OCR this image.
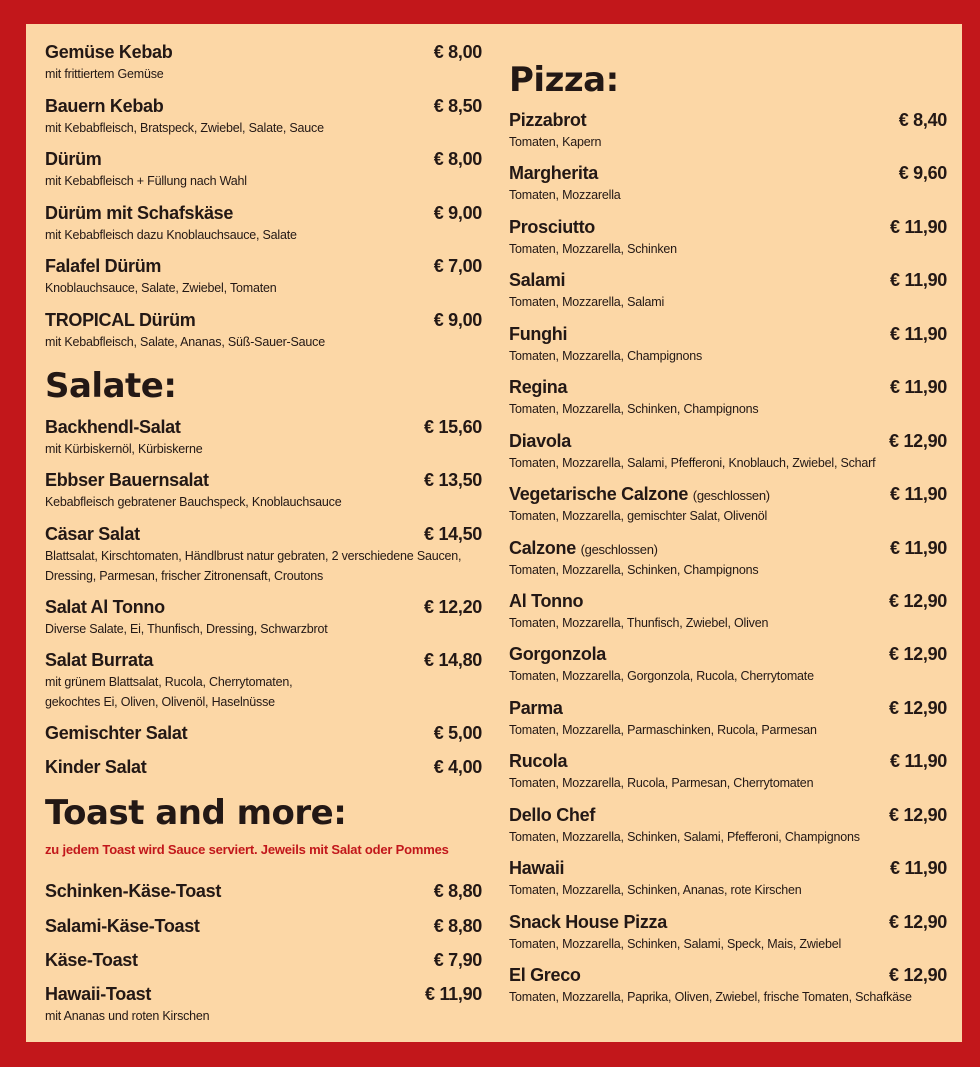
Gemüse Kebab	€ 8,00
mit frittiertem Gemüse
Bauern Kebab	€ 8,50
mit Kebabfleisch, Bratspeck, Zwiebel, Salate, Sauce
Dürüm	€ 8,00
mit Kebabfleisch + Füllung nach Wahl
Dürüm mit Schafskäse	€ 9,00
mit Kebabfleisch dazu Knoblauchsauce, Salate
Falafel Dürüm	€ 7,00
Knoblauchsauce, Salate, Zwiebel, Tomaten
TROPICAL Dürüm	€ 9,00
mit Kebabfleisch, Salate, Ananas, Süß-Sauer-Sauce
Salate:
Backhendl-Salat	€ 15,60
mit Kürbiskernöl, Kürbiskerne
Ebbser Bauernsalat	€ 13,50
Kebabfleisch gebratener Bauchspeck, Knoblauchsauce
Cäsar Salat	€ 14,50
Blattsalat, Kirschtomaten, Händlbrust natur gebraten, 2 verschiedene Saucen,
Dressing, Parmesan, frischer Zitronensaft, Croutons
Salat Al Tonno	€ 12,20
Diverse Salate, Ei, Thunfisch, Dressing, Schwarzbrot
Salat Burrata	€ 14,80
mit grünem Blattsalat, Rucola, Cherrytomaten,
gekochtes Ei, Oliven, Olivenöl, Haselnüsse
Gemischter Salat	€ 5,00
Kinder Salat	€ 4,00
Toast and more:
zu jedem Toast wird Sauce serviert. Jeweils mit Salat oder Pommes
Schinken-Käse-Toast	€ 8,80
Salami-Käse-Toast	€ 8,80
Käse-Toast	€ 7,90
Hawaii-Toast	€ 11,90
mit Ananas und roten Kirschen
Pizza:
Pizzabrot	€ 8,40
Tomaten, Kapern
Margherita	€ 9,60
Tomaten, Mozzarella
Prosciutto	€ 11,90
Tomaten, Mozzarella, Schinken
Salami	€ 11,90
Tomaten, Mozzarella, Salami
Funghi	€ 11,90
Tomaten, Mozzarella, Champignons
Regina	€ 11,90
Tomaten, Mozzarella, Schinken, Champignons
Diavola	€ 12,90
Tomaten, Mozzarella, Salami, Pfefferoni, Knoblauch, Zwiebel, Scharf
Vegetarische Calzone (geschlossen)	€ 11,90
Tomaten, Mozzarella, gemischter Salat, Olivenöl
Calzone (geschlossen)	€ 11,90
Tomaten, Mozzarella, Schinken, Champignons
Al Tonno	€ 12,90
Tomaten, Mozzarella, Thunfisch, Zwiebel, Oliven
Gorgonzola	€ 12,90
Tomaten, Mozzarella, Gorgonzola, Rucola, Cherrytomate
Parma	€ 12,90
Tomaten, Mozzarella, Parmaschinken, Rucola, Parmesan
Rucola	€ 11,90
Tomaten, Mozzarella, Rucola, Parmesan, Cherrytomaten
Dello Chef	€ 12,90
Tomaten, Mozzarella, Schinken, Salami, Pfefferoni, Champignons
Hawaii	€ 11,90
Tomaten, Mozzarella, Schinken, Ananas, rote Kirschen
Snack House Pizza	€ 12,90
Tomaten, Mozzarella, Schinken, Salami, Speck, Mais, Zwiebel
El Greco	€ 12,90
Tomaten, Mozzarella, Paprika, Oliven, Zwiebel, frische Tomaten, Schafkäse
